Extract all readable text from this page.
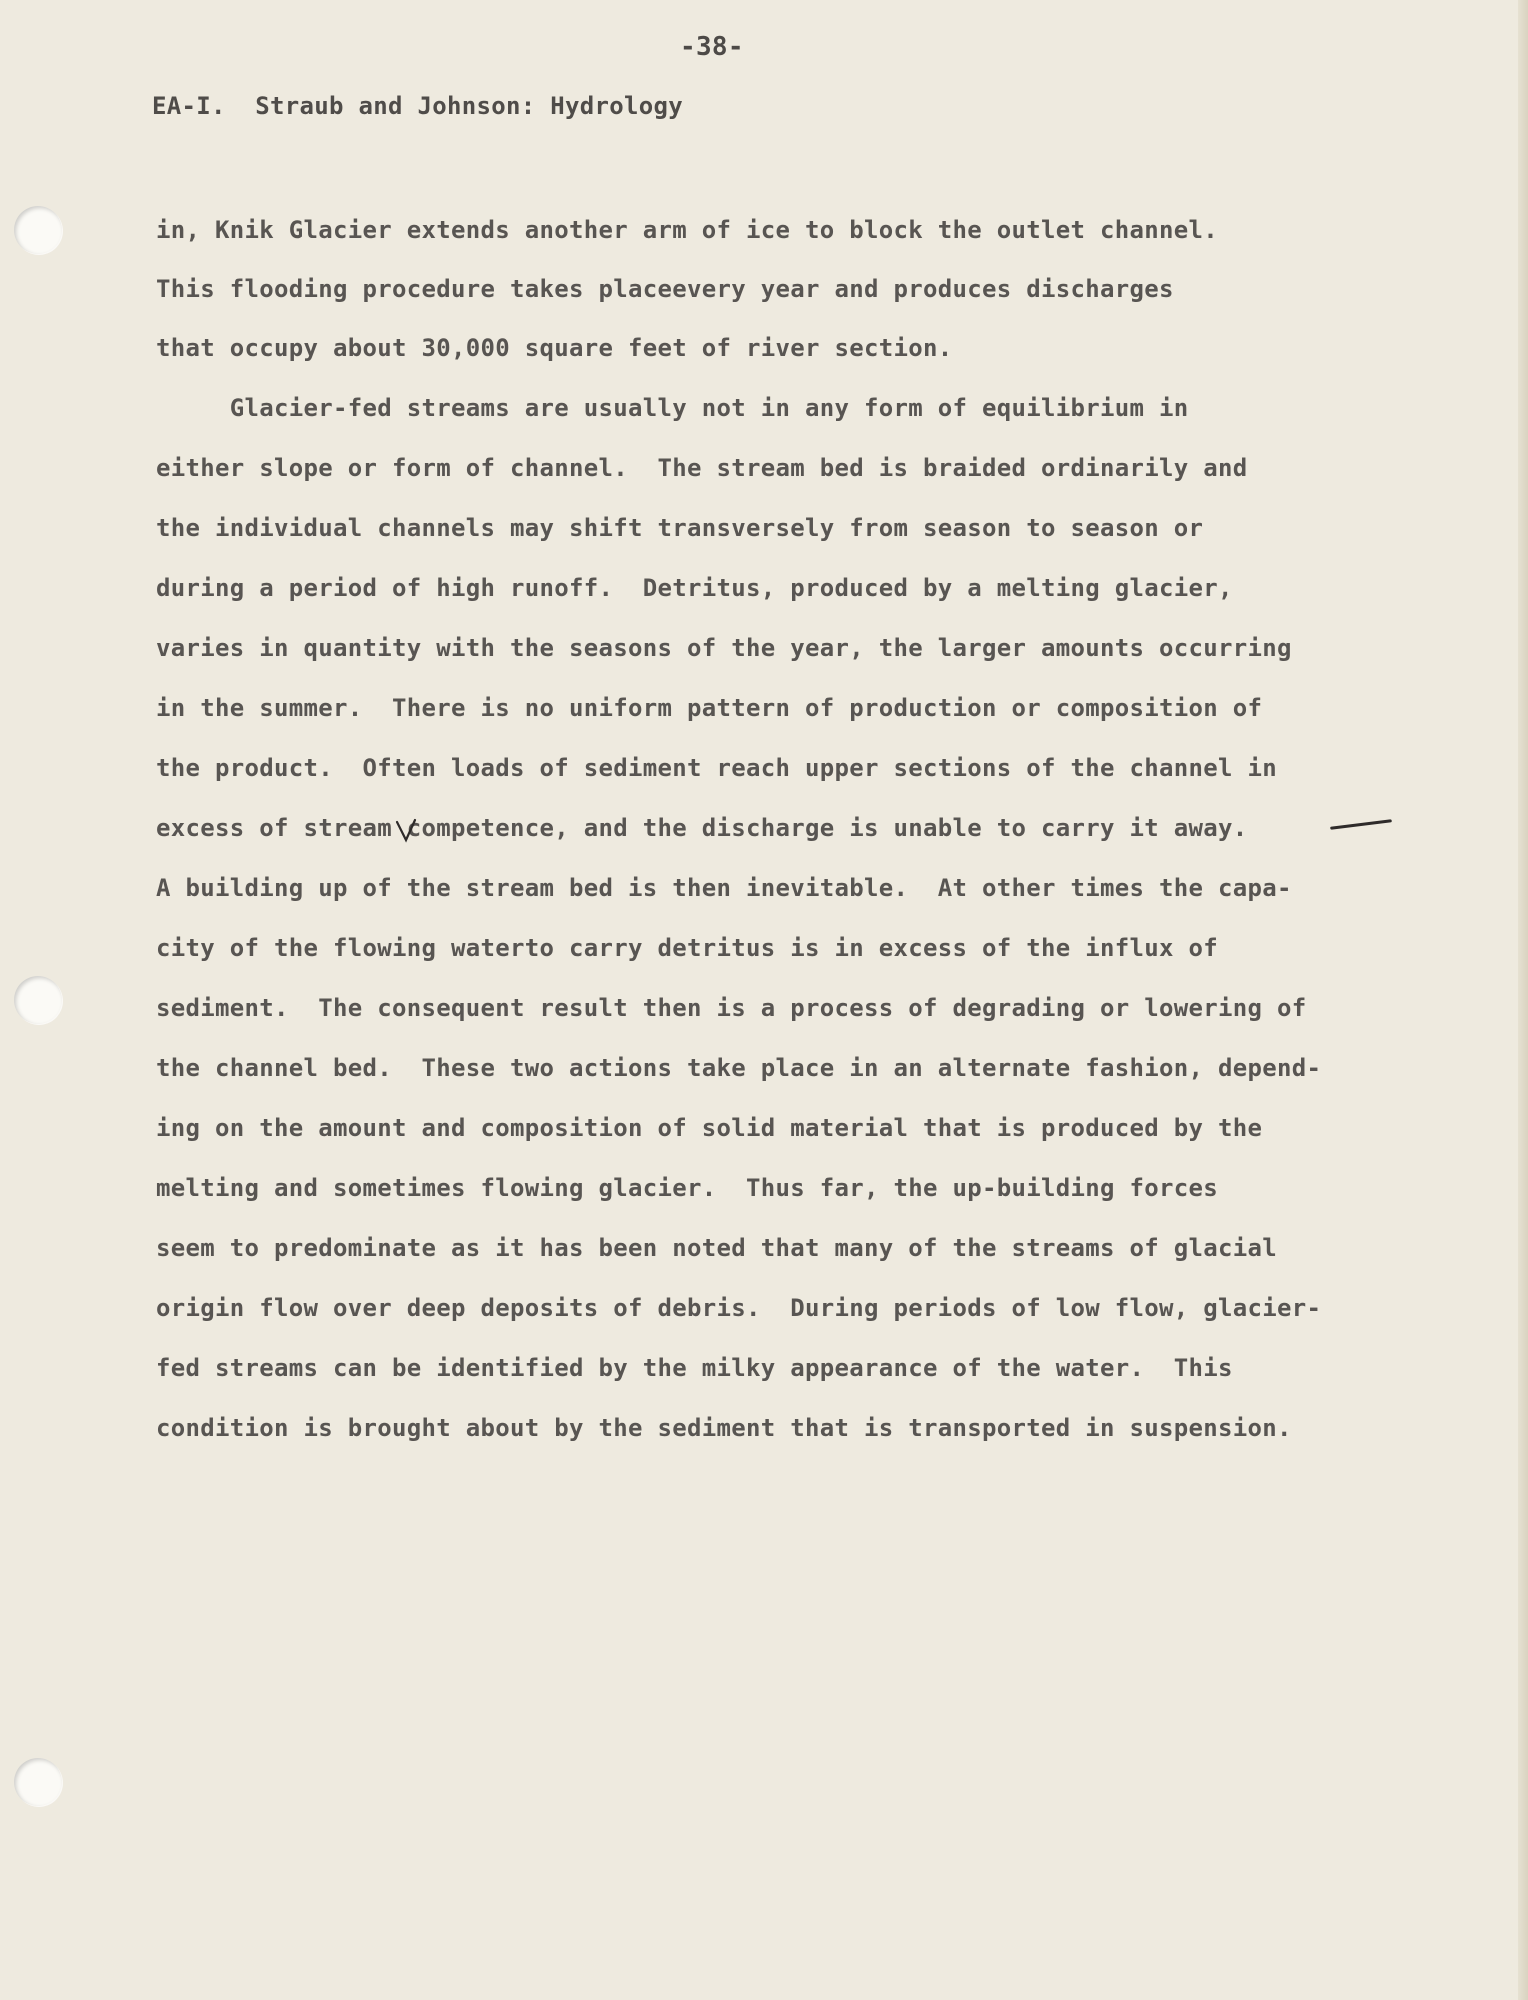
-38-

EA-I.  Straub and Johnson: Hydrology

in, Knik Glacier extends another arm of ice to block the outlet channel.

This flooding procedure takes placeevery year and produces discharges

that occupy about 30,000 square feet of river section.

Glacier-fed streams are usually not in any form of equilibrium in

either slope or form of channel.  The stream bed is braided ordinarily and

the individual channels may shift transversely from season to season or

during a period of high runoff.  Detritus, produced by a melting glacier,

varies in quantity with the seasons of the year, the larger amounts occurring

in the summer.  There is no uniform pattern of production or composition of

the product.  Often loads of sediment reach upper sections of the channel in

excess of stream competence, and the discharge is unable to carry it away.

A building up of the stream bed is then inevitable.  At other times the capa-

city of the flowing waterto carry detritus is in excess of the influx of

sediment.  The consequent result then is a process of degrading or lowering of

the channel bed.  These two actions take place in an alternate fashion, depend-

ing on the amount and composition of solid material that is produced by the

melting and sometimes flowing glacier.  Thus far, the up-building forces

seem to predominate as it has been noted that many of the streams of glacial

origin flow over deep deposits of debris.  During periods of low flow, glacier-

fed streams can be identified by the milky appearance of the water.  This

condition is brought about by the sediment that is transported in suspension.
